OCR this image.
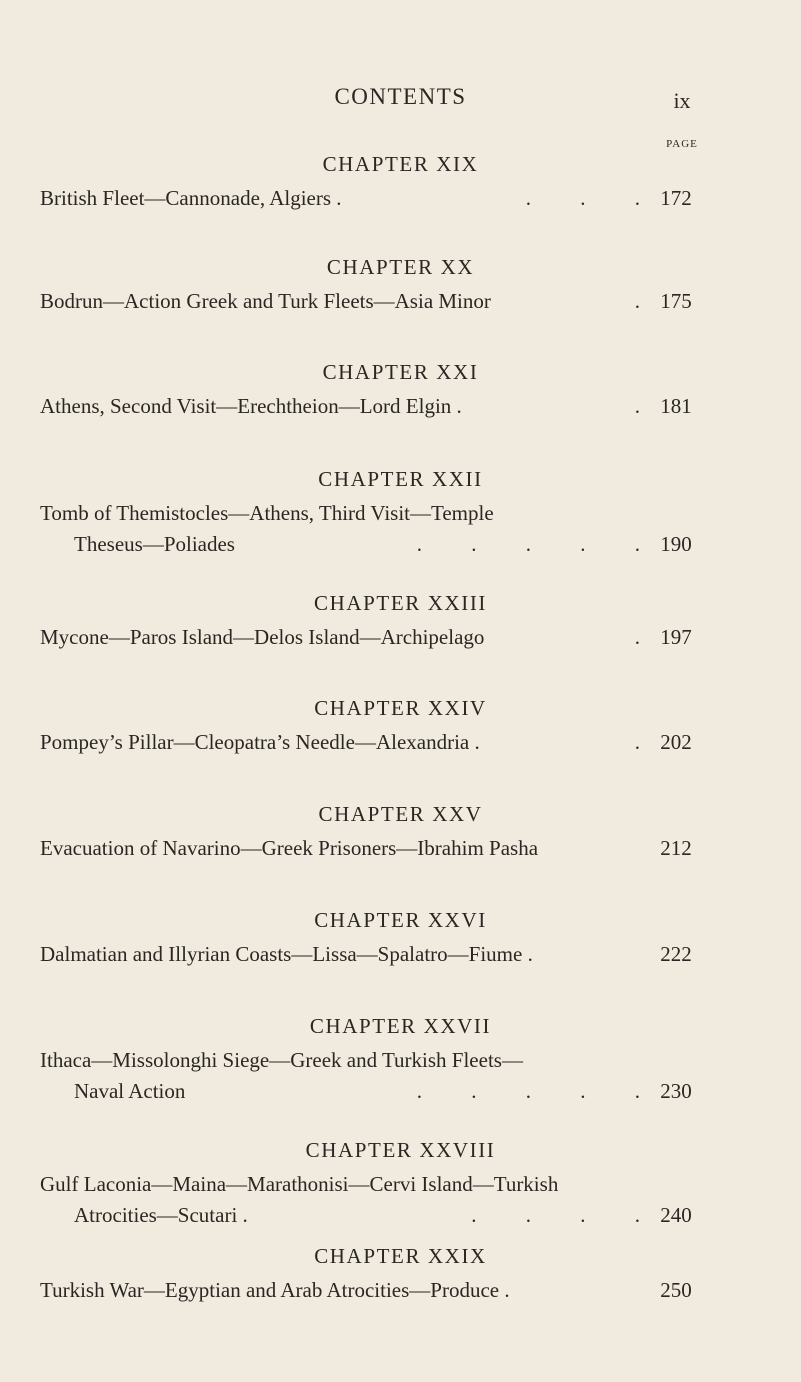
CONTENTS	ix
PAGE
CHAPTER XIX
British Fleet—Cannonade, Algiers .	. . . 172
CHAPTER XX
Bodrun—Action Greek and Turk Fleets—Asia Minor	. 175
CHAPTER XXI
Athens, Second Visit—Erechtheion—Lord Elgin .	. 181
CHAPTER XXII
Tomb of Themistocles—Athens, Third Visit—Temple
Theseus—Poliades	. . . . . 190
CHAPTER XXIII
Mycone—Paros Island—Delos Island—Archipelago	. 197
CHAPTER XXIV
Pompey’s Pillar—Cleopatra’s Needle—Alexandria .	. 202
CHAPTER XXV
Evacuation of Navarino—Greek Prisoners—Ibrahim Pasha	212
CHAPTER XXVI
Dalmatian and Illyrian Coasts—Lissa—Spalatro—Fiume .	222
CHAPTER XXVII
Ithaca—Missolonghi Siege—Greek and Turkish Fleets—
Naval Action	. . . . . 230
CHAPTER XXVIII
Gulf Laconia—Maina—Marathonisi—Cervi Island—Turkish
Atrocities—Scutari .	. . . . 240
CHAPTER XXIX
Turkish War—Egyptian and Arab Atrocities—Produce .	250
